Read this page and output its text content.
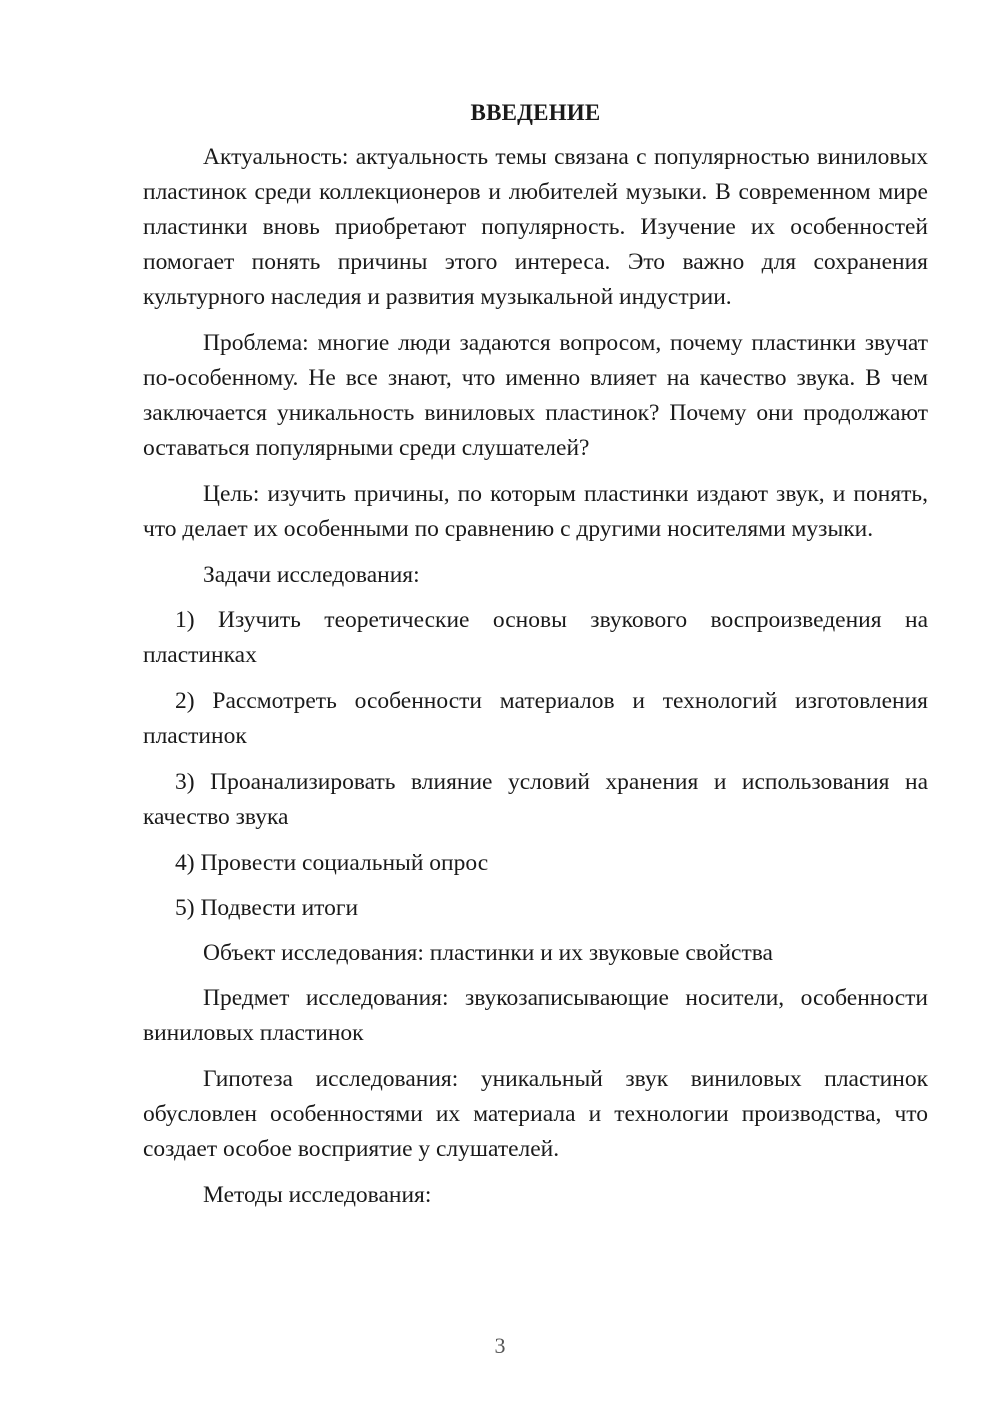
ВВЕДЕНИЕ

Актуальность: актуальность темы связана с популярностью виниловых пластинок среди коллекционеров и любителей музыки. В современном мире пластинки вновь приобретают популярность. Изучение их особенностей помогает понять причины этого интереса. Это важно для сохранения культурного наследия и развития музыкальной индустрии.

Проблема: многие люди задаются вопросом, почему пластинки звучат по-особенному. Не все знают, что именно влияет на качество звука. В чем заключается уникальность виниловых пластинок? Почему они продолжают оставаться популярными среди слушателей?

Цель: изучить причины, по которым пластинки издают звук, и понять, что делает их особенными по сравнению с другими носителями музыки.

Задачи исследования:

1) Изучить теоретические основы звукового воспроизведения на пластинках

2) Рассмотреть особенности материалов и технологий изготовления пластинок

3) Проанализировать влияние условий хранения и использования на качество звука

4) Провести социальный опрос

5) Подвести итоги

Объект исследования: пластинки и их звуковые свойства

Предмет исследования: звукозаписывающие носители, особенности виниловых пластинок

Гипотеза исследования: уникальный звук виниловых пластинок обусловлен особенностями их материала и технологии производства, что создает особое восприятие у слушателей.

Методы исследования:

3
